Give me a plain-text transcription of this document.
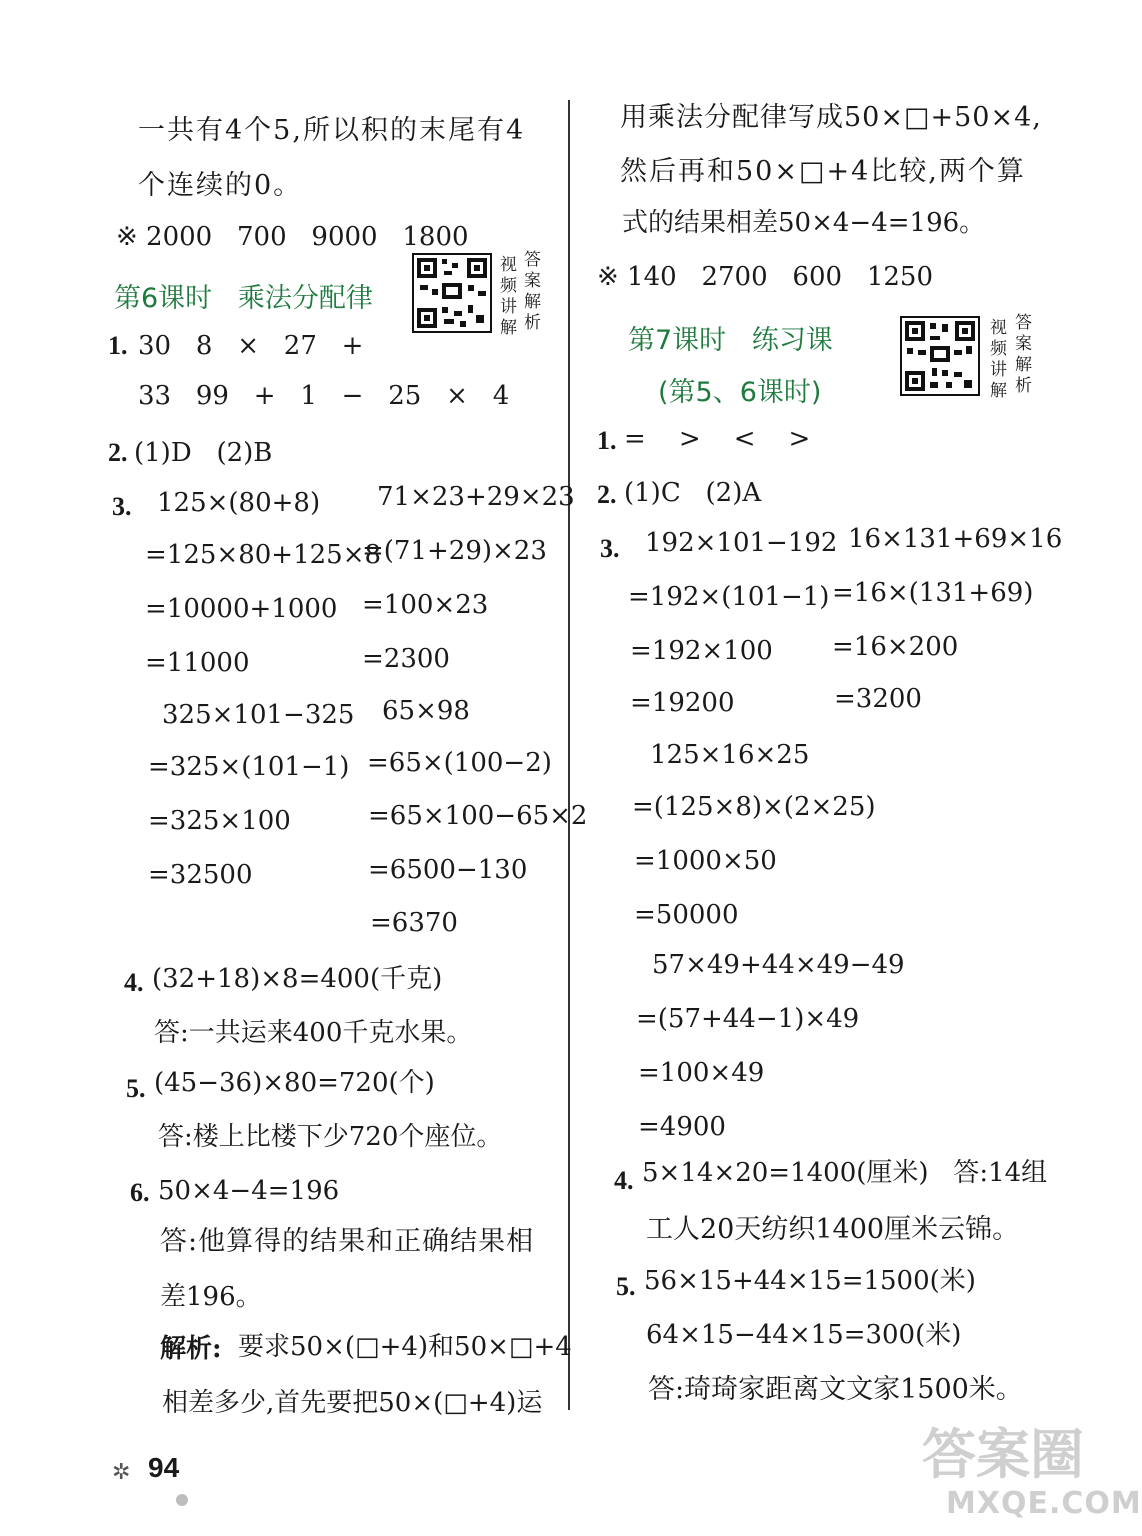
一共有4个5,所以积的末尾有4
个连续的0。
※ 2000   700   9000   1800
第6课时   乘法分配律
视频讲解
答案解析
1. 30   8   ×   27   +
33   99   +   1   −   25   ×   4
2. (1)D   (2)B
3. 125×(80+8)
=125×80+125×8
=10000+1000
=11000
71×23+29×23
=(71+29)×23
=100×23
=2300
325×101−325
=325×(101−1)
=325×100
=32500
65×98
=65×(100−2)
=65×100−65×2
=6500−130
=6370
4. (32+18)×8=400(千克)
答:一共运来400千克水果。
5. (45−36)×80=720(个)
答:楼上比楼下少720个座位。
6. 50×4−4=196
答:他算得的结果和正确结果相
差196。
解析: 要求50×(□+4)和50×□+4
相差多少,首先要把50×(□+4)运
✲ 94
用乘法分配律写成50×□+50×4,
然后再和50×□+4比较,两个算
式的结果相差50×4−4=196。
※ 140   2700   600   1250
第7课时   练习课
(第5、6课时)
视频讲解
答案解析
1. =    >    <    >
2. (1)C   (2)A
3. 192×101−192
=192×(101−1)
=192×100
=19200
16×131+69×16
=16×(131+69)
=16×200
=3200
125×16×25
=(125×8)×(2×25)
=1000×50
=50000
57×49+44×49−49
=(57+44−1)×49
=100×49
=4900
4. 5×14×20=1400(厘米)   答:14组
工人20天纺织1400厘米云锦。
5. 56×15+44×15=1500(米)
64×15−44×15=300(米)
答:琦琦家距离文文家1500米。
答案圈
MXQE.COM
